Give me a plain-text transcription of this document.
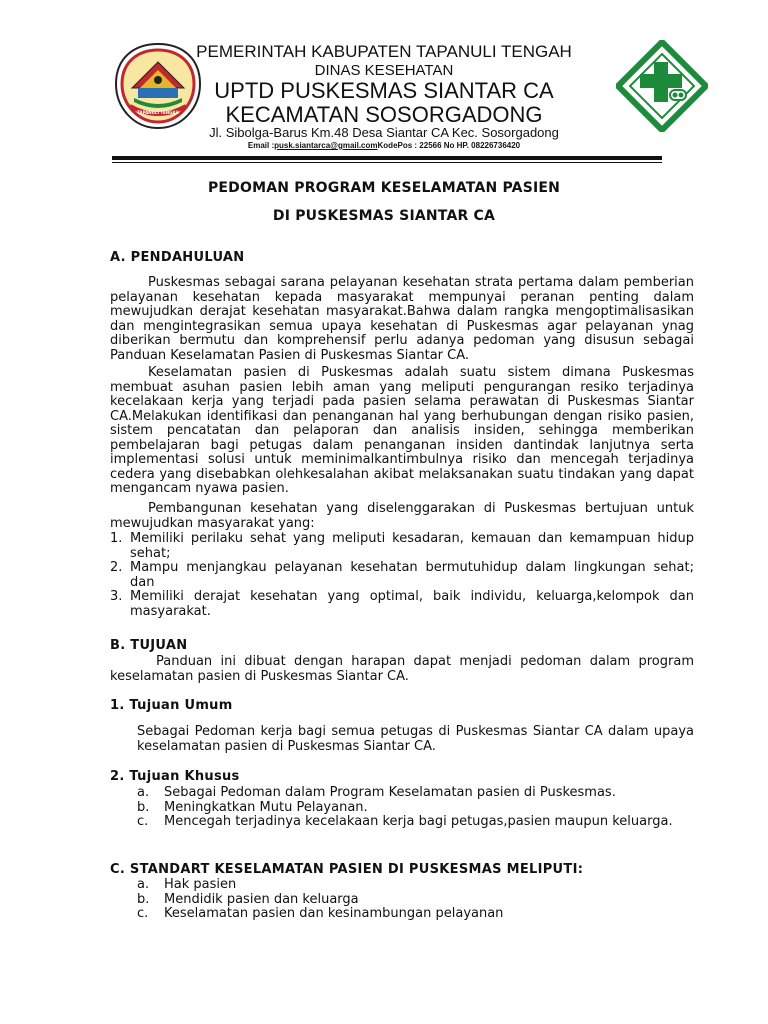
TAPANULI TENGAH
PEMERINTAH KABUPATEN TAPANULI TENGAH
DINAS KESEHATAN
UPTD PUSKESMAS SIANTAR CA
KECAMATAN SOSORGADONG
Jl. Sibolga-Barus Km.48 Desa Siantar CA Kec. Sosorgadong
Email :pusk.siantarca@gmail.comKodePos : 22566 No HP. 08226736420
PEDOMAN PROGRAM KESELAMATAN PASIEN
DI PUSKESMAS SIANTAR CA
A. PENDAHULUAN
Puskesmas sebagai sarana pelayanan kesehatan strata pertama dalam pemberian pelayanan kesehatan kepada masyarakat mempunyai peranan penting dalam mewujudkan derajat kesehatan masyarakat.Bahwa dalam rangka mengoptimalisasikan dan mengintegrasikan semua upaya kesehatan di Puskesmas agar pelayanan ynag diberikan bermutu dan komprehensif perlu adanya pedoman yang disusun sebagai Panduan Keselamatan Pasien di Puskesmas Siantar CA.
Keselamatan pasien di Puskesmas adalah suatu sistem dimana Puskesmas membuat asuhan pasien lebih aman yang meliputi pengurangan resiko terjadinya kecelakaan kerja yang terjadi pada pasien selama perawatan di Puskesmas Siantar CA.Melakukan identifikasi dan penanganan hal yang berhubungan dengan risiko pasien, sistem pencatatan dan pelaporan dan analisis insiden, sehingga memberikan pembelajaran bagi petugas dalam penanganan insiden dantindak lanjutnya serta implementasi solusi untuk meminimalkantimbulnya risiko dan mencegah terjadinya cedera yang disebabkan olehkesalahan akibat melaksanakan suatu tindakan yang dapat mengancam nyawa pasien.
Pembangunan kesehatan yang diselenggarakan di Puskesmas bertujuan untuk mewujudkan masyarakat yang:
1. Memiliki perilaku sehat yang meliputi kesadaran, kemauan dan kemampuan hidup sehat;
2. Mampu menjangkau pelayanan kesehatan bermutuhidup dalam lingkungan sehat; dan
3. Memiliki derajat kesehatan yang optimal, baik individu, keluarga,kelompok dan masyarakat.
B. TUJUAN
Panduan ini dibuat dengan harapan dapat menjadi pedoman dalam program keselamatan pasien di Puskesmas Siantar CA.
1. Tujuan Umum
Sebagai Pedoman kerja bagi semua petugas di Puskesmas Siantar CA dalam upaya keselamatan pasien di Puskesmas Siantar CA.
2. Tujuan Khusus
a. Sebagai Pedoman dalam Program Keselamatan pasien di Puskesmas.
b. Meningkatkan Mutu Pelayanan.
c. Mencegah terjadinya kecelakaan kerja bagi petugas,pasien maupun keluarga.
C. STANDART KESELAMATAN PASIEN DI PUSKESMAS MELIPUTI:
a. Hak pasien
b. Mendidik pasien dan keluarga
c. Keselamatan pasien dan kesinambungan pelayanan
